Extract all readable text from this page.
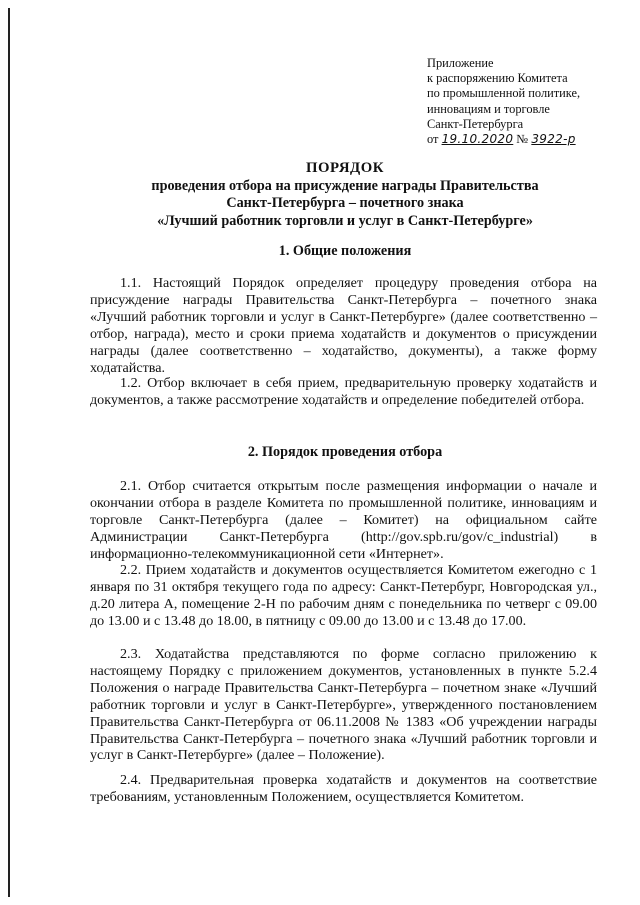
Приложение
к распоряжению Комитета
по промышленной политике,
инновациям и торговле
Санкт-Петербурга
от 19.10.2020 № 3922-р
ПОРЯДОК
проведения отбора на присуждение награды Правительства
Санкт-Петербурга – почетного знака
«Лучший работник торговли и услуг в Санкт-Петербурге»
1. Общие положения
1.1. Настоящий Порядок определяет процедуру проведения отбора на присуждение награды Правительства Санкт-Петербурга – почетного знака «Лучший работник торговли и услуг в Санкт-Петербурге» (далее соответственно – отбор, награда), место и сроки приема ходатайств и документов о присуждении награды (далее соответственно – ходатайство, документы), а также форму ходатайства.
1.2. Отбор включает в себя прием, предварительную проверку ходатайств и документов, а также рассмотрение ходатайств и определение победителей отбора.
2. Порядок проведения отбора
2.1. Отбор считается открытым после размещения информации о начале и окончании отбора в разделе Комитета по промышленной политике, инновациям и торговле Санкт-Петербурга (далее – Комитет) на официальном сайте Администрации Санкт-Петербурга (http://gov.spb.ru/gov/c_industrial) в информационно-телекоммуникационной сети «Интернет».
2.2. Прием ходатайств и документов осуществляется Комитетом ежегодно с 1 января по 31 октября текущего года по адресу: Санкт-Петербург, Новгородская ул., д.20 литера А, помещение 2-Н по рабочим дням с понедельника по четверг с 09.00 до 13.00 и с 13.48 до 18.00, в пятницу с 09.00 до 13.00 и с 13.48 до 17.00.
2.3. Ходатайства представляются по форме согласно приложению к настоящему Порядку с приложением документов, установленных в пункте 5.2.4 Положения о награде Правительства Санкт-Петербурга – почетном знаке «Лучший работник торговли и услуг в Санкт-Петербурге», утвержденного постановлением Правительства Санкт-Петербурга от 06.11.2008 № 1383 «Об учреждении награды Правительства Санкт-Петербурга – почетного знака «Лучший работник торговли и услуг в Санкт-Петербурге» (далее – Положение).
2.4. Предварительная проверка ходатайств и документов на соответствие требованиям, установленным Положением, осуществляется Комитетом.
